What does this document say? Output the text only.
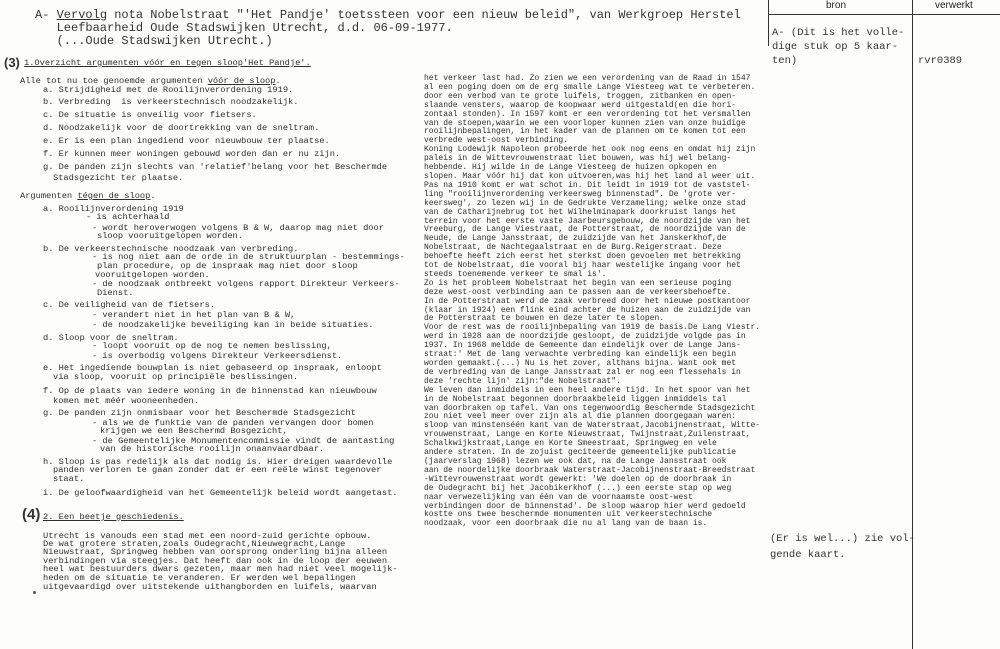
A- Vervolg nota Nobelstraat "'Het Pandje' toetssteen voor een nieuw beleid", van Werkgroep Herstel
Leefbaarheid Oude Stadswijken Utrecht, d.d. 06-09-1977.
(...Oude Stadswijken Utrecht.)
bron	verwerkt
A- (Dit is het volle-
dige stuk op 5 kaar-
ten)	rvr0389
(Er is wel...) zie vol-
gende kaart.
(3) 1.Overzicht argumenten vóór en tegen sloop'Het Pandje'.
Alle tot nu toe genoemde argumenten vóór de sloop.
a. Strijdigheid met de Rooilijnverordening 1919.
b. Verbreding  is verkeerstechnisch noodzakelijk.
c. De situatie is onveilig voor fietsers.
d. Noodzakelijk voor de doortrekking van de sneltram.
e. Er is een plan ingediend voor nieuwbouw ter plaatse.
f. Er kunnen meer woningen gebouwd worden dan er nu zijn.
g. De panden zijn slechts van 'relatief'belang voor het Beschermde
Stadsgezicht ter plaatse.
Argumenten tégen de sloop.
a. Rooilijnverordening 1919
- is achterhaald
- wordt heroverwogen volgens B & W, daarop mag niet door
sloop vooruitgelopen worden.
b. De verkeerstechnische noodzaak van verbreding.
- is nog niet aan de orde in de struktuurplan - bestemmings-
plan procedure, op de inspraak mag niet door sloop
vooruitgelopen worden.
- de noodzaak ontbreekt volgens rapport Direkteur Verkeers-
Dienst.
c. De veiligheid van de fietsers.
- verandert niet in het plan van B & W,
- de noodzakelijke beveiliging kan in beide situaties.
d. Sloop voor de sneltram.
- loopt vooruit op de nog te nemen beslissing,
- is overbodig volgens Direkteur Verkeersdienst.
e. Het ingediende bouwplan is niet gebaseerd op inspraak, enloopt
via sloop, vooruit op principiële beslissingen.
f. Op de plaats van iedere woning in de binnenstad kan nieuwbouw
komen met méér wooneenheden.
g. De panden zijn onmisbaar voor het Beschermde Stadsgezicht
- als we de funktie van de panden vervangen door bomen
krijgen we een Beschermd Bosgezicht,
- de Gemeentelijke Monumentencommissie vindt de aantasting
van de historische rooilijn onaanvaardbaar.
h. Sloop is pas redelijk als dat nodig is. Hier dreigen waardevolle
panden verloren te gaan zonder dat er een reële winst tegenover
staat.
i. De geloofwaardigheid van het Gemeentelijk beleid wordt aangetast.
(4) 2. Een beetje geschiedenis.
Utrecht is vanouds een stad met een noord-zuid gerichte opbouw.
De wat grotere straten,zoals Oudegracht,Nieuwegracht,Lange
Nieuwstraat, Springweg hebben van oorsprong onderling bijna alleen
verbindingen via steegjes. Dat heeft dan ook in de loop der eeuwen
heel wat bestuurders dwars gezeten, maar men had niet veel mogelijk-
heden om de situatie te veranderen. Er werden wel bepalingen
uitgevaardigd over uitstekende uithangborden en luifels, waarvan
het verkeer last had. Zo zien we een verordening van de Raad in 1547
al een poging doen om de erg smalle Lange Viesteeg wat te verbeteren.
door een verbod van te grote luifels, troggen, zitbanken en open-
slaande vensters, waarop de koopwaar werd uitgestald(en die hori-
zontaal stonden). In 1597 komt er een verordening tot het versmallen
van de stoepen,waarin we een voorloper kunnen zien van onze huidige
rooilijnbepalingen, in het kader van de plannen om te komen tot een
verbrede west-oost verbinding.
Koning Lodewijk Napoleon probeerde het ook nog eens en omdat hij zijn
paleis in de Wittevrouwenstraat liet bouwen, was hij wel belang-
hebbende. Hij wilde in de Lange Viesteeg de huizen opkopen en
slopen. Maar vóór hij dat kon uitvoeren,was hij het land al weer uit.
Pas na 1910 komt er wat schot in. Dit leidt in 1919 tot de vaststel-
ling "rooilijnverordening verkeersweg binnenstad". De 'grote ver-
keersweg', zo lezen wij in de Gedrukte Verzameling; welke onze stad
van de Catharijnebrug tot het Wilhelminapark doorkruist langs het
terrein voor het eerste vaste Jaarbeursgebouw, de noordzijde van het
Vreeburg, de Lange Viestraat, de Potterstraat, de noordzijde van de
Neude, de Lange Jansstraat, de zuidzijde van het Janskerkhof,de
Nobelstraat, de Nachtegaalstraat en de Burg.Reigerstraat. Deze
behoefte heeft zich eerst het sterkst doen gevoelen met betrekking
tot de Nobelstraat, die vooral bij haar westelijke ingang voor het
steeds toenemende verkeer te smal is'.
Zo is het probleem Nobelstraat het begin van een serieuse poging
deze west-oost verbinding aan te passen aan de verkeersbehoefte.
In de Potterstraat werd de zaak verbreed door het nieuwe postkantoor
(klaar in 1924) een flink eind achter de huizen aan de zuidzijde van
de Potterstraat te bouwen en deze later te slopen.
Voor de rest was de rooilijnbepaling van 1919 de basis.De Lang Viestr.
werd in 1928 aan de noordzijde gesloopt, de zuidzijde volgde pas in
1937. In 1968 meldde de Gemeente dan eindelijk over de Lange Jans-
straat:' Met de lang verwachte verbreding kan eindelijk een begin
worden gemaakt.(...) Nu is het zover, althans bijna. Want ook met
de verbreding van de Lange Jansstraat zal er nog een flessehals in
deze 'rechte lijn' zijn:"de Nobelstraat".
We leven dan inmiddels in een heel andere tijd. In het spoor van het
in de Nobelstraat begonnen doorbraakbeleid liggen inmiddels tal
van doorbraken op tafel. Van ons tegenwoordig Beschermde Stadsgezicht
zou niet veel meer over zijn als al die plannen doorgegaan waren:
sloop van minstenséén kant van de Waterstraat,Jacobijnenstraat, Witte-
vrouwenstraat, Lange en Korte Nieuwstraat, Twijnstraat,Zuilenstraat,
Schalkwijkstraat,Lange en Korte Smeestraat, Springweg en vele
andere straten. In de zojuist geciteerde gemeentelijke publicatie
(jaarverslag 1968) lezen we ook dat, na de Lange Jansstraat ook
aan de noordelijke doorbraak Waterstraat-Jacobijnenstraat-Breedstraat
-Wittevrouwenstraat wordt gewerkt: 'We doelen op de doorbraak in
de Oudegracht bij het Jacobikerkhof (...) een eerste stap op weg
naar verwezelijking van één van de voornaamste oost-west
verbindingen door de binnenstad'. De sloop waarop hier werd gedoeld
kostte ons twee beschermde monumenten uit verkeerstechnische
noodzaak, voor een doorbraak die nu al lang van de baan is.
